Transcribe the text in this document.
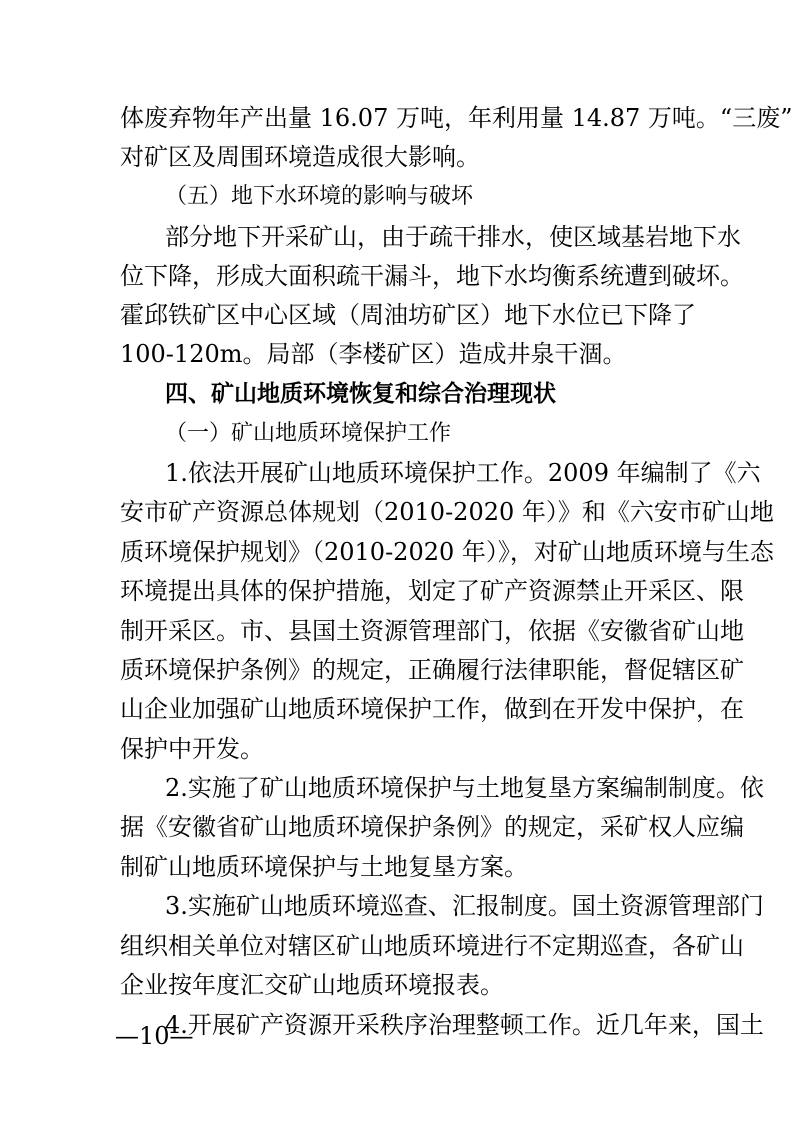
体废弃物年产出量 16.07 万吨，年利用量 14.87 万吨。“三废”
对矿区及周围环境造成很大影响。
（五）地下水环境的影响与破坏
部分地下开采矿山，由于疏干排水，使区域基岩地下水
位下降，形成大面积疏干漏斗，地下水均衡系统遭到破坏。
霍邱铁矿区中心区域（周油坊矿区）地下水位已下降了
100-120m。局部（李楼矿区）造成井泉干涸。
四、矿山地质环境恢复和综合治理现状
（一）矿山地质环境保护工作
1.依法开展矿山地质环境保护工作。2009 年编制了《六
安市矿产资源总体规划（2010-2020 年）》和《六安市矿山地
质环境保护规划》（2010-2020 年）》，对矿山地质环境与生态
环境提出具体的保护措施，划定了矿产资源禁止开采区、限
制开采区。市、县国土资源管理部门，依据《安徽省矿山地
质环境保护条例》的规定，正确履行法律职能，督促辖区矿
山企业加强矿山地质环境保护工作，做到在开发中保护，在
保护中开发。
2.实施了矿山地质环境保护与土地复垦方案编制制度。依
据《安徽省矿山地质环境保护条例》的规定，采矿权人应编
制矿山地质环境保护与土地复垦方案。
3.实施矿山地质环境巡查、汇报制度。国土资源管理部门
组织相关单位对辖区矿山地质环境进行不定期巡查，各矿山
企业按年度汇交矿山地质环境报表。
4.开展矿产资源开采秩序治理整顿工作。近几年来，国土
—10—
